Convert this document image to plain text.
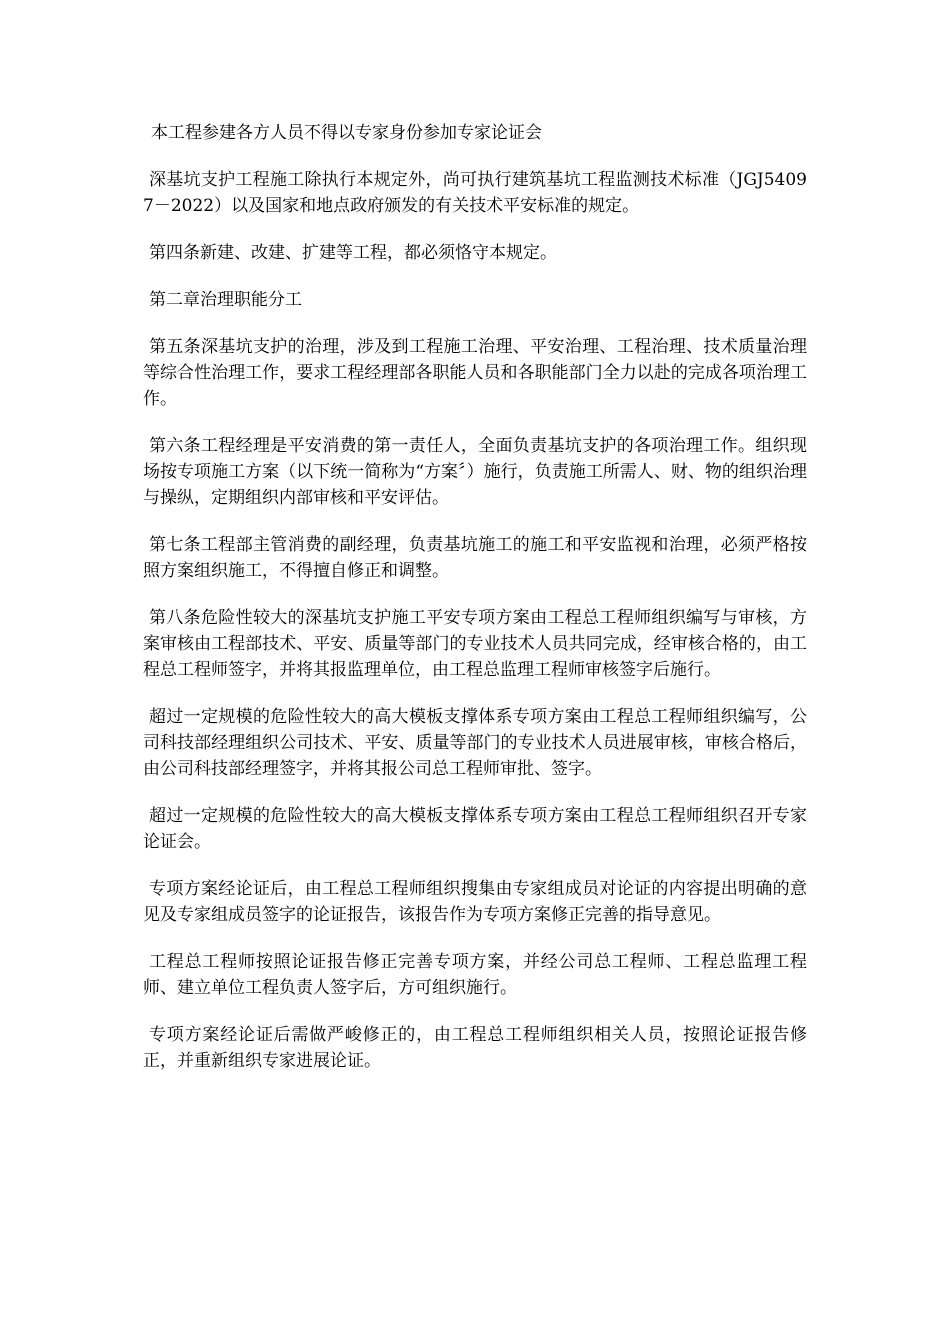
本工程参建各方人员不得以专家身份参加专家论证会

深基坑支护工程施工除执行本规定外，尚可执行建筑基坑工程监测技术标准（JGJ54097－2022）以及国家和地点政府颁发的有关技术平安标准的规定。

第四条新建、改建、扩建等工程，都必须恪守本规定。

第二章治理职能分工

第五条深基坑支护的治理，涉及到工程施工治理、平安治理、工程治理、技术质量治理等综合性治理工作，要求工程经理部各职能人员和各职能部门全力以赴的完成各项治理工作。

第六条工程经理是平安消费的第一责任人，全面负责基坑支护的各项治理工作。组织现场按专项施工方案（以下统一简称为“方案〞）施行，负责施工所需人、财、物的组织治理与操纵，定期组织内部审核和平安评估。

第七条工程部主管消费的副经理，负责基坑施工的施工和平安监视和治理，必须严格按照方案组织施工，不得擅自修正和调整。

第八条危险性较大的深基坑支护施工平安专项方案由工程总工程师组织编写与审核，方案审核由工程部技术、平安、质量等部门的专业技术人员共同完成，经审核合格的，由工程总工程师签字，并将其报监理单位，由工程总监理工程师审核签字后施行。

超过一定规模的危险性较大的高大模板支撑体系专项方案由工程总工程师组织编写，公司科技部经理组织公司技术、平安、质量等部门的专业技术人员进展审核，审核合格后，由公司科技部经理签字，并将其报公司总工程师审批、签字。

超过一定规模的危险性较大的高大模板支撑体系专项方案由工程总工程师组织召开专家论证会。

专项方案经论证后，由工程总工程师组织搜集由专家组成员对论证的内容提出明确的意见及专家组成员签字的论证报告，该报告作为专项方案修正完善的指导意见。

工程总工程师按照论证报告修正完善专项方案，并经公司总工程师、工程总监理工程师、建立单位工程负责人签字后，方可组织施行。

专项方案经论证后需做严峻修正的，由工程总工程师组织相关人员，按照论证报告修正，并重新组织专家进展论证。
